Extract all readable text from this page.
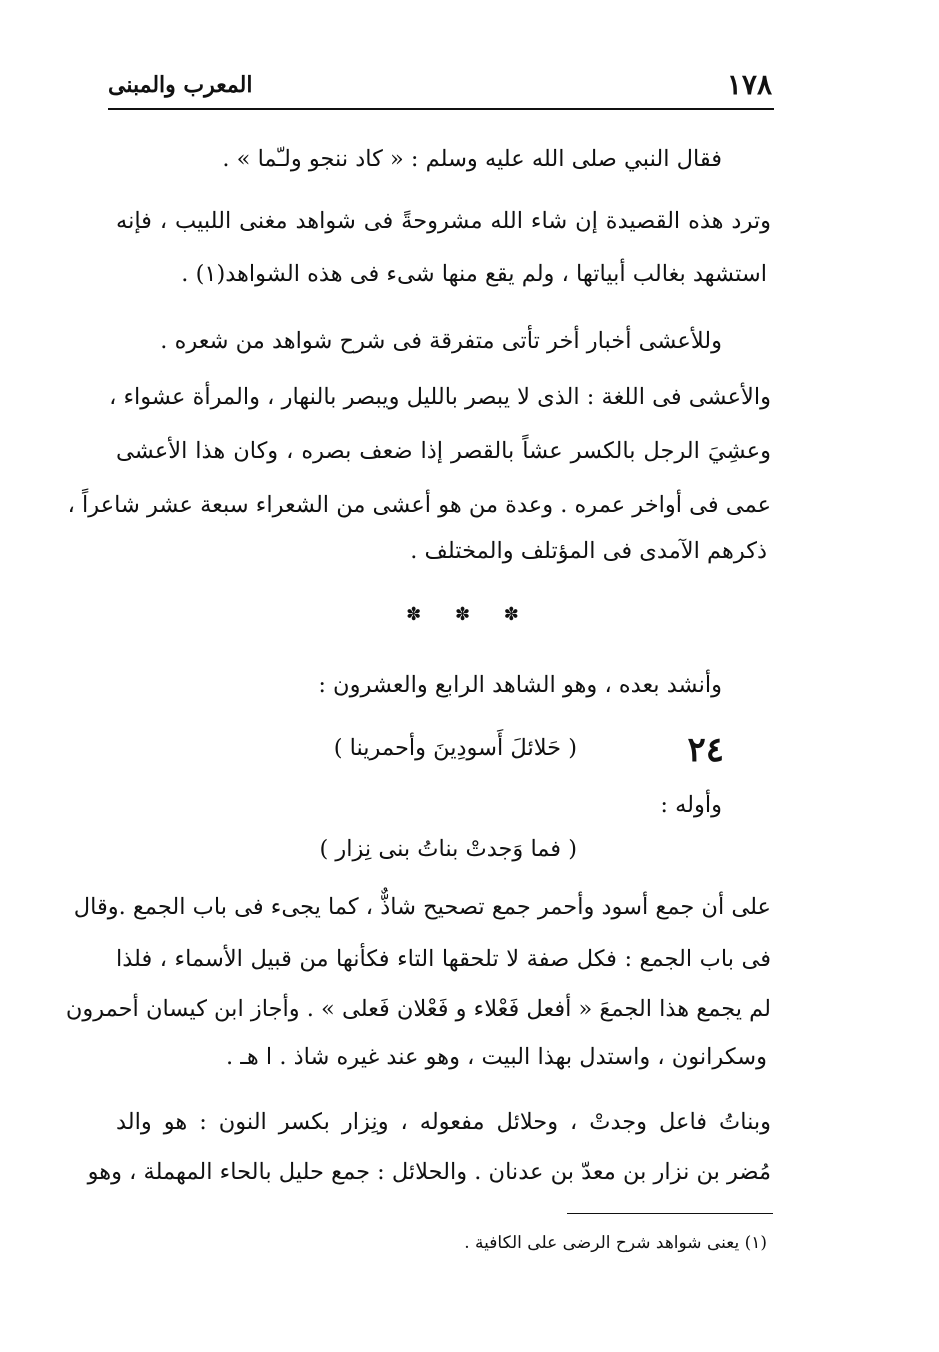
١٧٨
المعرب والمبنى
فقال النبي صلى الله عليه وسلم : « كاد ننجو ولـّما » .
وترد هذه القصيدة إن شاء الله مشروحةً فى شواهد مغنى اللبيب ، فإنه
استشهد بغالب أبياتها ، ولم يقع منها شىء فى هذه الشواهد(١) .
وللأعشى أخبار أخر تأتى متفرقة فى شرح شواهد من شعره .
والأعشى فى اللغة : الذى لا يبصر بالليل ويبصر بالنهار ، والمرأة عشواء ،
وعشِيَ الرجل بالكسر عشاً بالقصر إذا ضعف بصره ، وكان هذا الأعشى
عمى فى أواخر عمره . وعدة من هو أعشى من الشعراء سبعة عشر شاعراً ،
ذكرهم الآمدى فى المؤتلف والمختلف .
✽ ✽ ✽
وأنشد بعده ، وهو الشاهد الرابع والعشرون :
٢٤
( حَلائلَ أَسودِينَ وأحمرينا )
وأوله :
( فما وَجدتْ بناتُ بنى نِزار )
على أن جمع أسود وأحمر جمع تصحيح شاذٌّ ، كما يجىء فى باب الجمع .وقال
فى باب الجمع : فكل صفة لا تلحقها التاء فكأنها من قبيل الأسماء ، فلذا
لم يجمع هذا الجمعَ « أفعل فَعْلاء و فَعْلان فَعلى » . وأجاز ابن كيسان أحمرون
وسكرانون ، واستدل بهذا البيت ، وهو عند غيره شاذ . ا هـ .
وبناتُ فاعل وجدتْ ، وحلائل مفعوله ، ونِزار بكسر النون : هو والد
مُضر بن نزار بن معدّ بن عدنان . والحلائل : جمع حليل بالحاء المهملة ، وهو
(١) يعنى شواهد شرح الرضى على الكافية .
